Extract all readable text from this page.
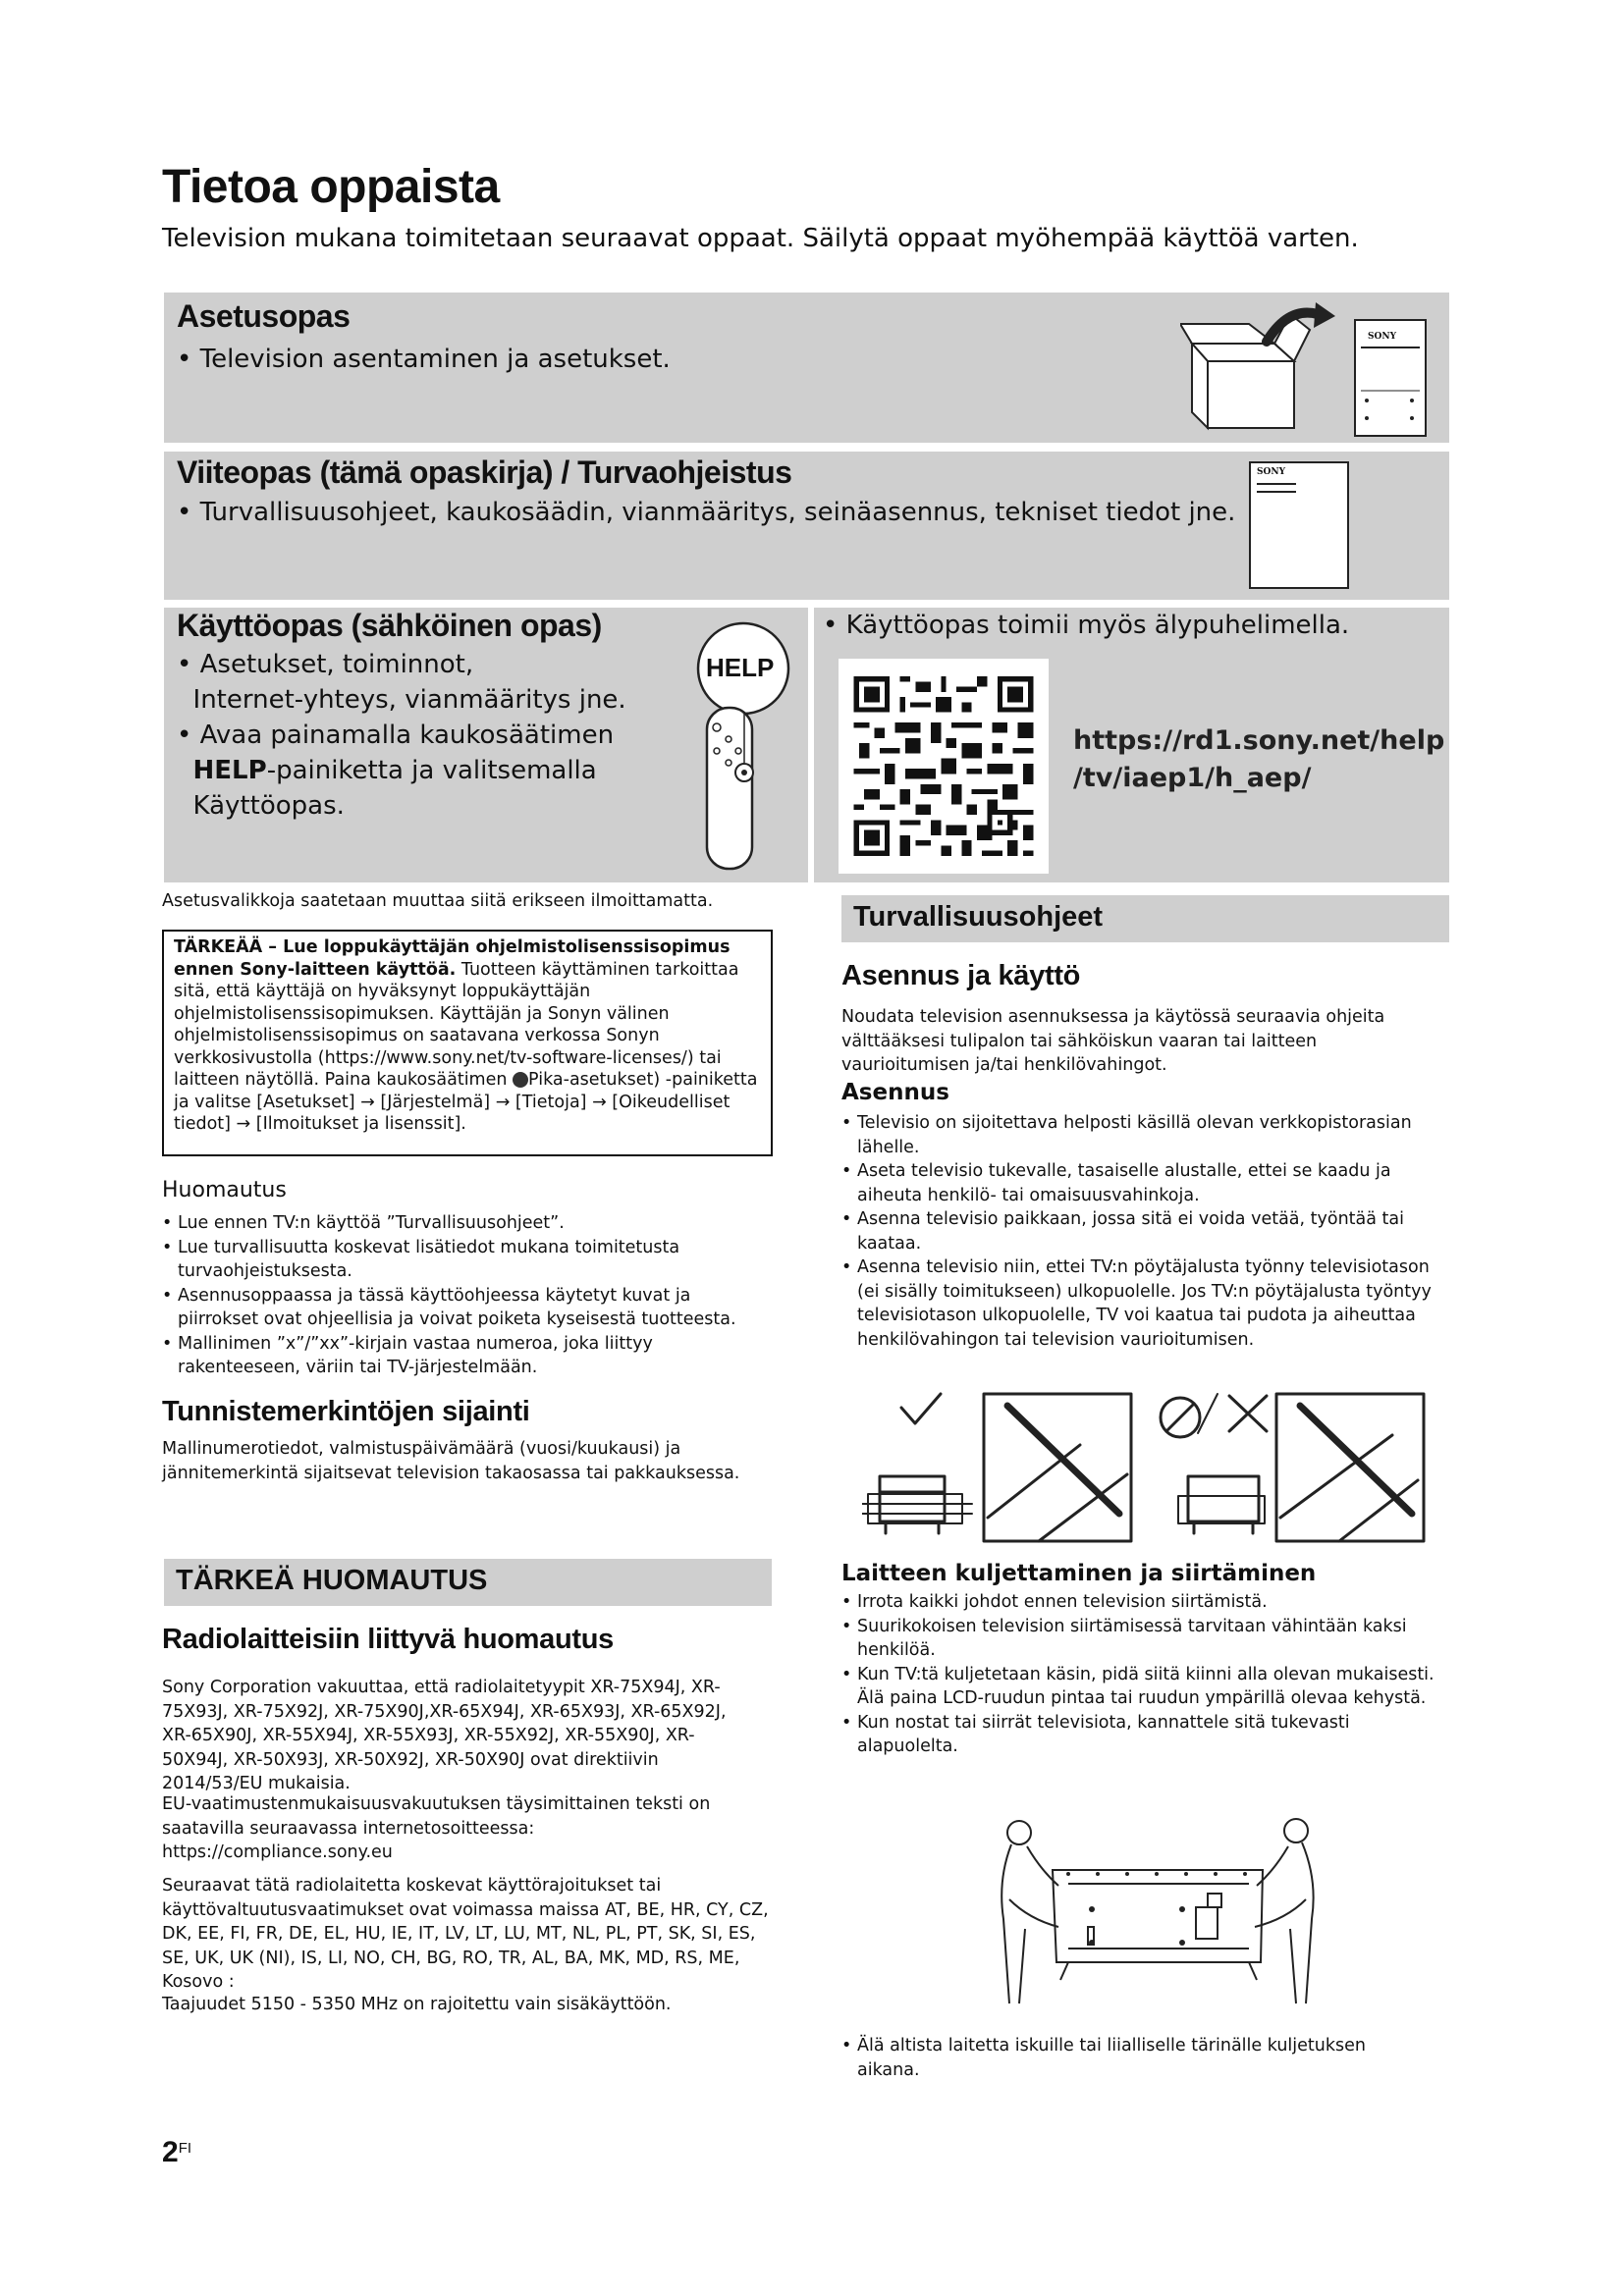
Tietoa oppaista
Television mukana toimitetaan seuraavat oppaat. Säilytä oppaat myöhempää käyttöä varten.
Asetusopas
• Television asentaminen ja asetukset.
SONY
Viiteopas (tämä opaskirja) / Turvaohjeistus
• Turvallisuusohjeet, kaukosäädin, vianmääritys, seinäasennus, tekniset tiedot jne.
SONY
Käyttöopas (sähköinen opas)
• Asetukset, toiminnot,
Internet-yhteys, vianmääritys jne.
• Avaa painamalla kaukosäätimen
HELP-painiketta ja valitsemalla
Käyttöopas.
HELP
• Käyttöopas toimii myös älypuhelimella.
https://rd1.sony.net/help
/tv/iaep1/h_aep/
Asetusvalikkoja saatetaan muuttaa siitä erikseen ilmoittamatta.
TÄRKEÄÄ – Lue loppukäyttäjän ohjelmistolisenssisopimus ennen Sony-laitteen käyttöä. Tuotteen käyttäminen tarkoittaa sitä, että käyttäjä on hyväksynyt loppukäyttäjän ohjelmistolisenssisopimuksen. Käyttäjän ja Sonyn välinen ohjelmistolisenssisopimus on saatavana verkossa Sonyn verkkosivustolla (https://www.sony.net/tv-software-licenses/) tai laitteen näytöllä. Paina kaukosäätimen Pika-asetukset) -painiketta ja valitse [Asetukset] → [Järjestelmä] → [Tietoja] → [Oikeudelliset tiedot] → [Ilmoitukset ja lisenssit].
Huomautus
• Lue ennen TV:n käyttöä ”Turvallisuusohjeet”.
• Lue turvallisuutta koskevat lisätiedot mukana toimitetusta turvaohjeistuksesta.
• Asennusoppaassa ja tässä käyttöohjeessa käytetyt kuvat ja piirrokset ovat ohjeellisia ja voivat poiketa kyseisestä tuotteesta.
• Mallinimen ”x”/”xx”-kirjain vastaa numeroa, joka liittyy rakenteeseen, väriin tai TV-järjestelmään.
Tunnistemerkintöjen sijainti
Mallinumerotiedot, valmistuspäivämäärä (vuosi/kuukausi) ja jännitemerkintä sijaitsevat television takaosassa tai pakkauksessa.
TÄRKEÄ HUOMAUTUS
Radiolaitteisiin liittyvä huomautus
Sony Corporation vakuuttaa, että radiolaitetyypit XR-75X94J, XR-75X93J, XR-75X92J, XR-75X90J,XR-65X94J, XR-65X93J, XR-65X92J, XR-65X90J, XR-55X94J, XR-55X93J, XR-55X92J, XR-55X90J, XR-50X94J, XR-50X93J, XR-50X92J, XR-50X90J ovat direktiivin 2014/53/EU mukaisia.
EU-vaatimustenmukaisuusvakuutuksen täysimittainen teksti on saatavilla seuraavassa internetosoitteessa:
https://compliance.sony.eu
Seuraavat tätä radiolaitetta koskevat käyttörajoitukset tai käyttövaltuutusvaatimukset ovat voimassa maissa AT, BE, HR, CY, CZ, DK, EE, FI, FR, DE, EL, HU, IE, IT, LV, LT, LU, MT, NL, PL, PT, SK, SI, ES, SE, UK, UK (NI), IS, LI, NO, CH, BG, RO, TR, AL, BA, MK, MD, RS, ME, Kosovo :
Taajuudet 5150 - 5350 MHz on rajoitettu vain sisäkäyttöön.
Turvallisuusohjeet
Asennus ja käyttö
Noudata television asennuksessa ja käytössä seuraavia ohjeita välttääksesi tulipalon tai sähköiskun vaaran tai laitteen vaurioitumisen ja/tai henkilövahingot.
Asennus
• Televisio on sijoitettava helposti käsillä olevan verkkopistorasian lähelle.
• Aseta televisio tukevalle, tasaiselle alustalle, ettei se kaadu ja aiheuta henkilö- tai omaisuusvahinkoja.
• Asenna televisio paikkaan, jossa sitä ei voida vetää, työntää tai kaataa.
• Asenna televisio niin, ettei TV:n pöytäjalusta työnny televisiotason (ei sisälly toimitukseen) ulkopuolelle. Jos TV:n pöytäjalusta työntyy televisiotason ulkopuolelle, TV voi kaatua tai pudota ja aiheuttaa henkilövahingon tai television vaurioitumisen.
Laitteen kuljettaminen ja siirtäminen
• Irrota kaikki johdot ennen television siirtämistä.
• Suurikokoisen television siirtämisessä tarvitaan vähintään kaksi henkilöä.
• Kun TV:tä kuljetetaan käsin, pidä siitä kiinni alla olevan mukaisesti. Älä paina LCD-ruudun pintaa tai ruudun ympärillä olevaa kehystä.
• Kun nostat tai siirrät televisiota, kannattele sitä tukevasti alapuolelta.
• Älä altista laitetta iskuille tai liialliselle tärinälle kuljetuksen aikana.
$2^{FI}$
